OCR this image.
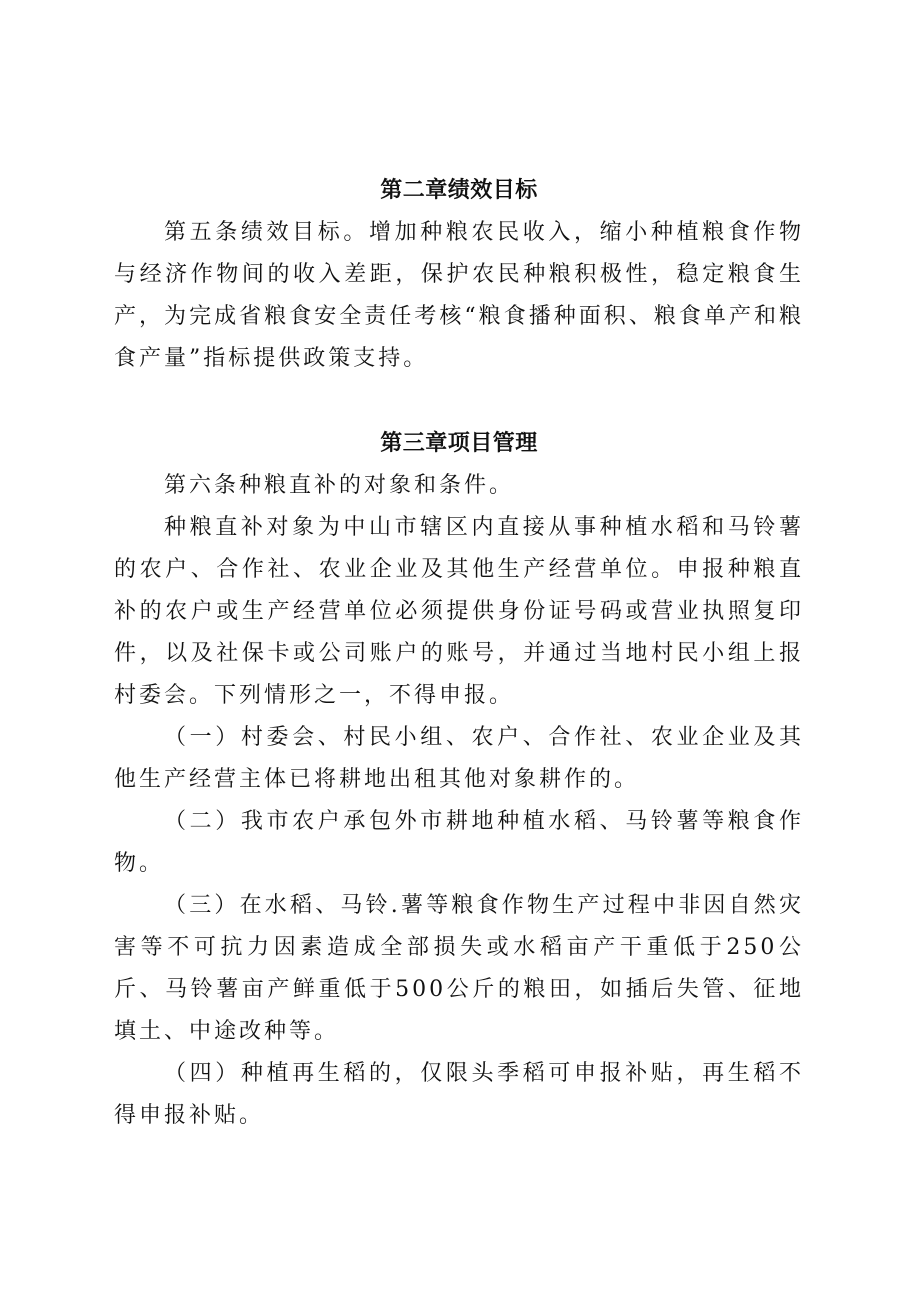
第二章绩效目标

第五条绩效目标。增加种粮农民收入，缩小种植粮食作物与经济作物间的收入差距，保护农民种粮积极性，稳定粮食生产，为完成省粮食安全责任考核“粮食播种面积、粮食单产和粮食产量”指标提供政策支持。

第三章项目管理

第六条种粮直补的对象和条件。

种粮直补对象为中山市辖区内直接从事种植水稻和马铃薯的农户、合作社、农业企业及其他生产经营单位。申报种粮直补的农户或生产经营单位必须提供身份证号码或营业执照复印件，以及社保卡或公司账户的账号，并通过当地村民小组上报村委会。下列情形之一，不得申报。

（一）村委会、村民小组、农户、合作社、农业企业及其他生产经营主体已将耕地出租其他对象耕作的。

（二）我市农户承包外市耕地种植水稻、马铃薯等粮食作物。

（三）在水稻、马铃.薯等粮食作物生产过程中非因自然灾害等不可抗力因素造成全部损失或水稻亩产干重低于250公斤、马铃薯亩产鲜重低于500公斤的粮田，如插后失管、征地填土、中途改种等。

（四）种植再生稻的，仅限头季稻可申报补贴，再生稻不得申报补贴。
